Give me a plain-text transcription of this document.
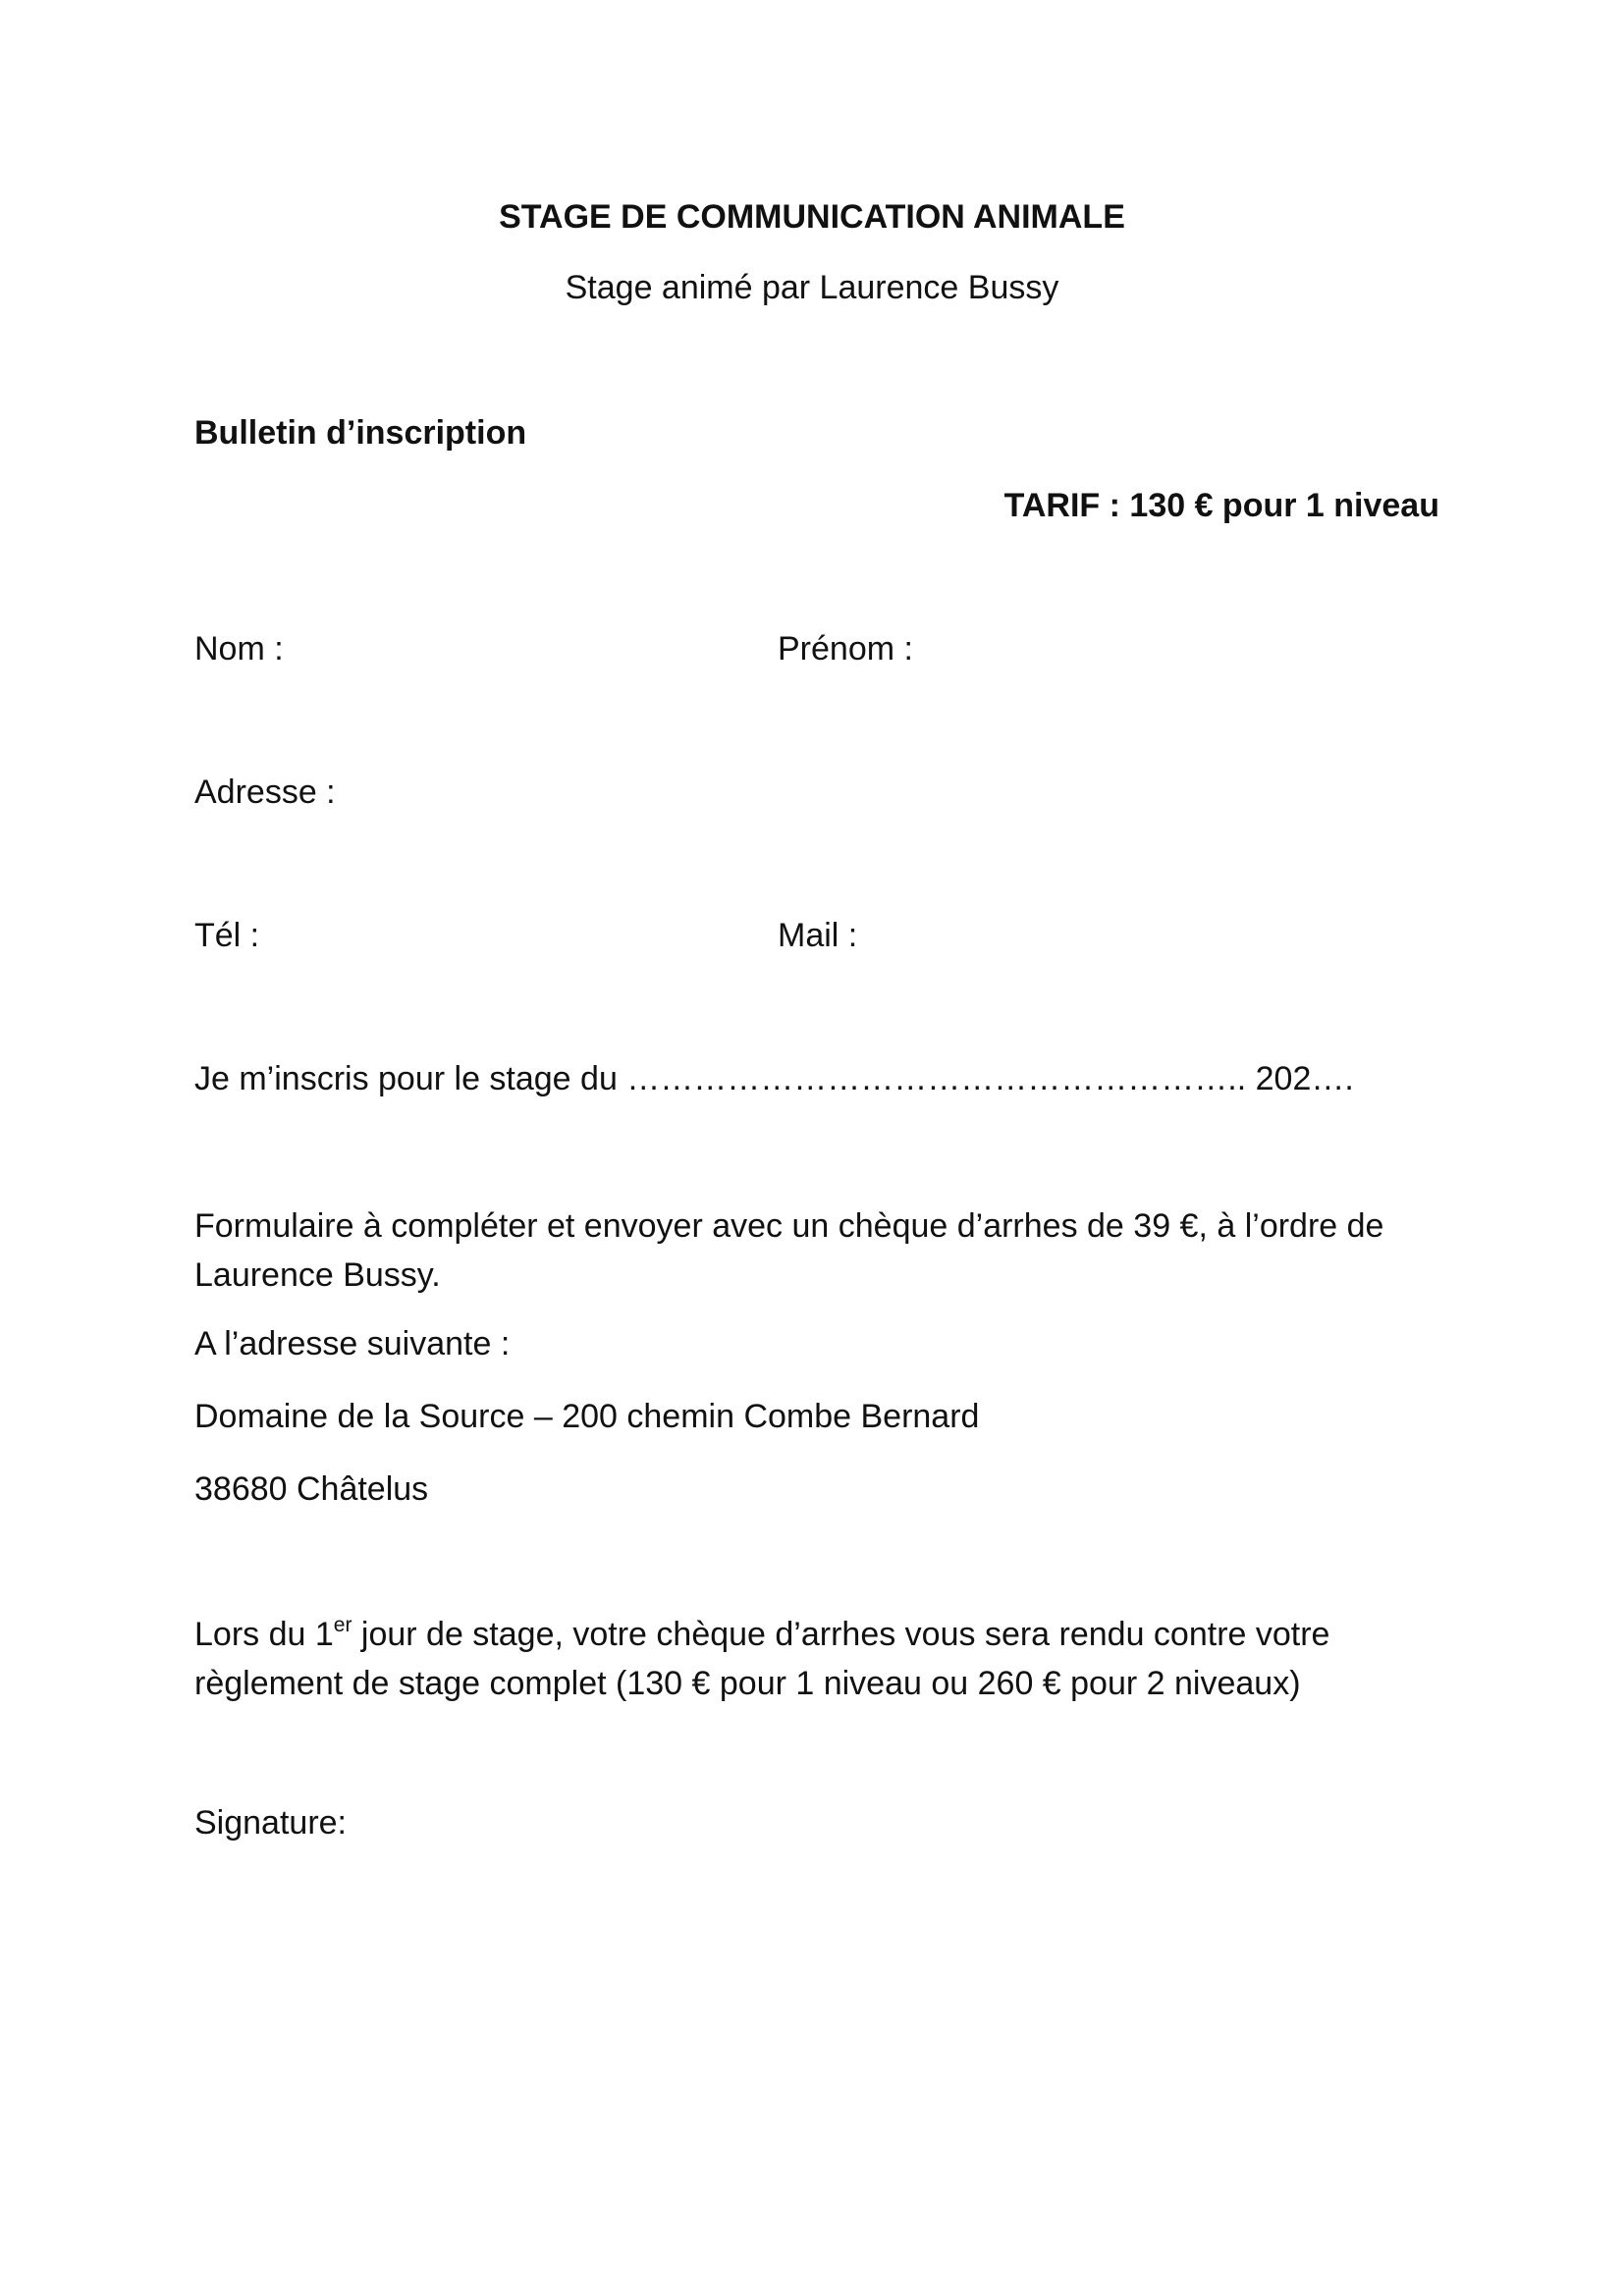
STAGE DE COMMUNICATION ANIMALE
Stage animé par Laurence Bussy
Bulletin d’inscription
TARIF : 130 € pour 1 niveau
Nom :	Prénom :
Adresse :
Tél :	Mail :
Je m’inscris pour le stage du ……………………………………………….. 202….
Formulaire à compléter et envoyer avec un chèque d’arrhes de 39 €, à l’ordre de Laurence Bussy.
A l’adresse suivante :
Domaine de la Source – 200 chemin Combe Bernard
38680 Châtelus
Lors du 1er jour de stage, votre chèque d’arrhes vous sera rendu contre votre règlement de stage complet (130 € pour 1 niveau ou 260 € pour 2 niveaux)
Signature:
